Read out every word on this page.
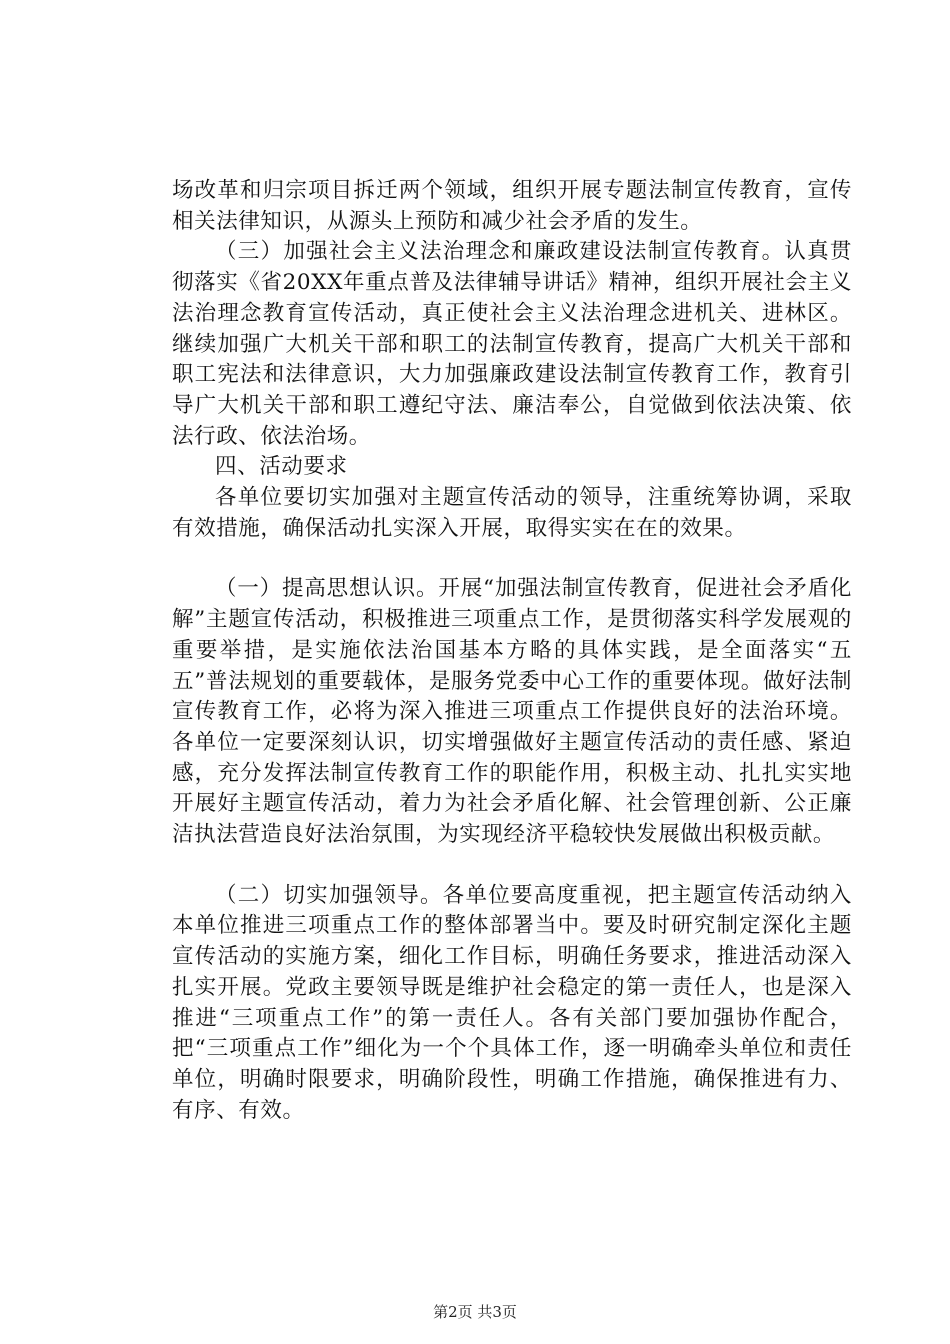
场改革和归宗项目拆迁两个领域，组织开展专题法制宣传教育，宣传相关法律知识，从源头上预防和减少社会矛盾的发生。

（三）加强社会主义法治理念和廉政建设法制宣传教育。认真贯彻落实《省20XX年重点普及法律辅导讲话》精神，组织开展社会主义法治理念教育宣传活动，真正使社会主义法治理念进机关、进林区。继续加强广大机关干部和职工的法制宣传教育，提高广大机关干部和职工宪法和法律意识，大力加强廉政建设法制宣传教育工作，教育引导广大机关干部和职工遵纪守法、廉洁奉公，自觉做到依法决策、依法行政、依法治场。

四、活动要求

各单位要切实加强对主题宣传活动的领导，注重统筹协调，采取有效措施，确保活动扎实深入开展，取得实实在在的效果。

（一）提高思想认识。开展“加强法制宣传教育，促进社会矛盾化解”主题宣传活动，积极推进三项重点工作，是贯彻落实科学发展观的重要举措，是实施依法治国基本方略的具体实践，是全面落实“五五”普法规划的重要载体，是服务党委中心工作的重要体现。做好法制宣传教育工作，必将为深入推进三项重点工作提供良好的法治环境。各单位一定要深刻认识，切实增强做好主题宣传活动的责任感、紧迫感，充分发挥法制宣传教育工作的职能作用，积极主动、扎扎实实地开展好主题宣传活动，着力为社会矛盾化解、社会管理创新、公正廉洁执法营造良好法治氛围，为实现经济平稳较快发展做出积极贡献。

（二）切实加强领导。各单位要高度重视，把主题宣传活动纳入本单位推进三项重点工作的整体部署当中。要及时研究制定深化主题宣传活动的实施方案，细化工作目标，明确任务要求，推进活动深入扎实开展。党政主要领导既是维护社会稳定的第一责任人，也是深入推进“三项重点工作”的第一责任人。各有关部门要加强协作配合，把“三项重点工作”细化为一个个具体工作，逐一明确牵头单位和责任单位，明确时限要求，明确阶段性，明确工作措施，确保推进有力、有序、有效。

第2页 共3页
